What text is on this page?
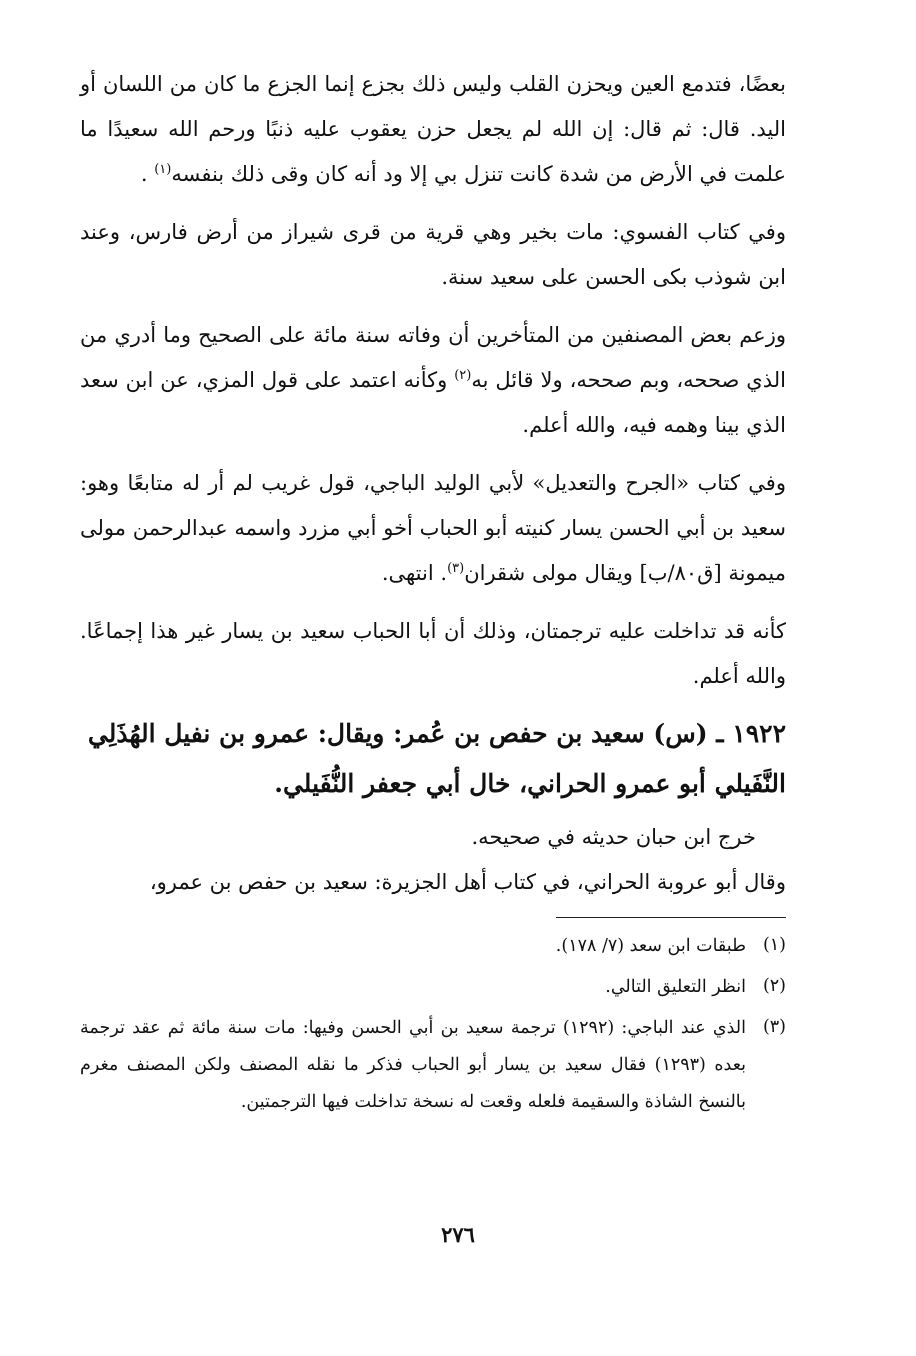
بعضًا، فتدمع العين ويحزن القلب وليس ذلك بجزع إنما الجزع ما كان من اللسان أو اليد. قال: ثم قال: إن الله لم يجعل حزن يعقوب عليه ذنبًا ورحم الله سعيدًا ما علمت في الأرض من شدة كانت تنزل بي إلا ود أنه كان وقى ذلك بنفسه$^{(١)}$ .

وفي كتاب الفسوي: مات بخير وهي قرية من قرى شيراز من أرض فارس، وعند ابن شوذب بكى الحسن على سعيد سنة.

وزعم بعض المصنفين من المتأخرين أن وفاته سنة مائة على الصحيح وما أدري من الذي صححه، وبم صححه، ولا قائل به$^{(٢)}$ وكأنه اعتمد على قول المزي، عن ابن سعد الذي بينا وهمه فيه، والله أعلم.

وفي كتاب «الجرح والتعديل» لأبي الوليد الباجي، قول غريب لم أر له متابعًا وهو: سعيد بن أبي الحسن يسار كنيته أبو الحباب أخو أبي مزرد واسمه عبدالرحمن مولى ميمونة [ق٨٠/ب] ويقال مولى شقران$^{(٣)}$. انتهى.

كأنه قد تداخلت عليه ترجمتان، وذلك أن أبا الحباب سعيد بن يسار غير هذا إجماعًا. والله أعلم.

١٩٢٢ ـ (س) سعيد بن حفص بن عُمر: ويقال: عمرو بن نفيل الهُذَلِي النَّفَيلي أبو عمرو الحراني، خال أبي جعفر النُّفَيلي.

خرج ابن حبان حديثه في صحيحه.

وقال أبو عروبة الحراني، في كتاب أهل الجزيرة: سعيد بن حفص بن عمرو،

(١)
طبقات ابن سعد (٧/ ١٧٨).
(٢)
انظر التعليق التالي.
(٣)
الذي عند الباجي: (١٢٩٢) ترجمة سعيد بن أبي الحسن وفيها: مات سنة مائة ثم عقد ترجمة بعده (١٢٩٣) فقال سعيد بن يسار أبو الحباب فذكر ما نقله المصنف ولكن المصنف مغرم بالنسخ الشاذة والسقيمة فلعله وقعت له نسخة تداخلت فيها الترجمتين.
٢٧٦
